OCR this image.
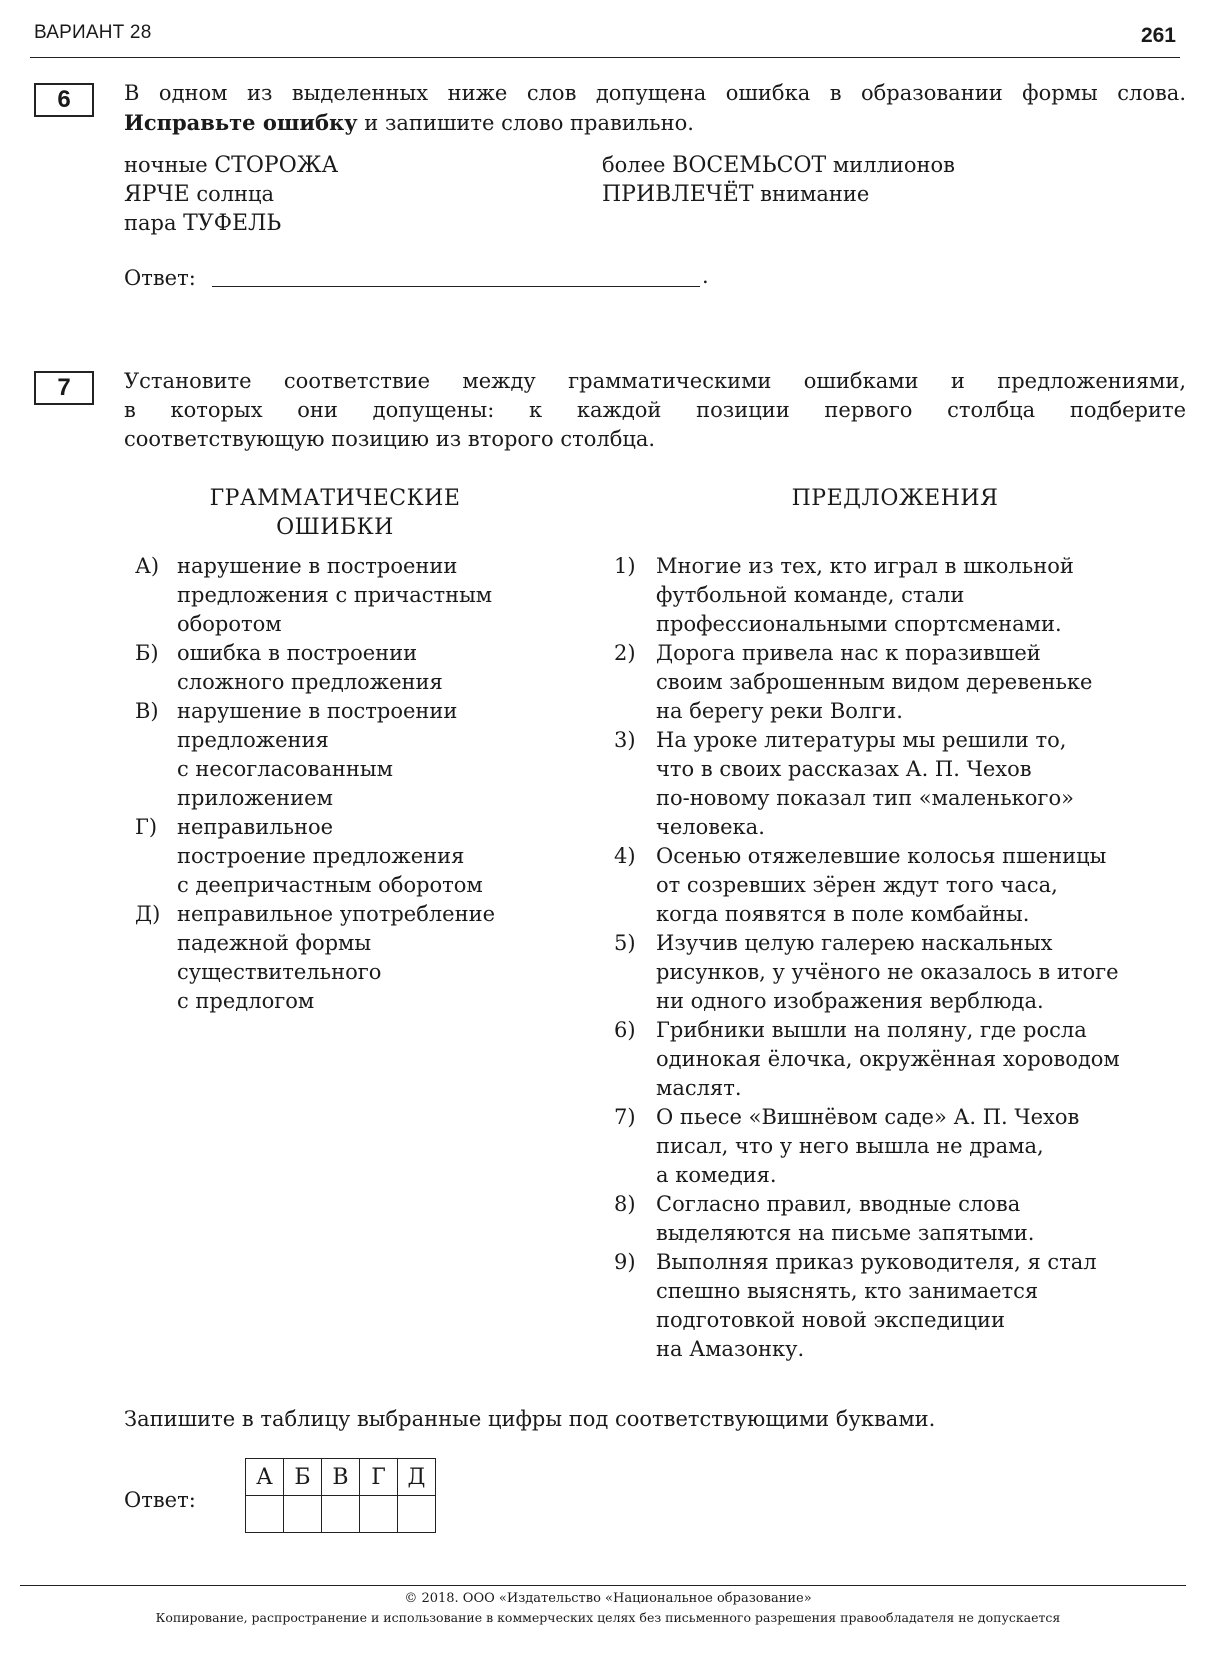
ВАРИАНТ 28	261
6	В одном из выделенных ниже слов допущена ошибка в образовании формы слова.
Исправьте ошибку и запишите слово правильно.
ночные СТОРОЖА
ЯРЧЕ солнца
пара ТУФЕЛЬ
более ВОСЕМЬСОТ миллионов
ПРИВЛЕЧЁТ внимание
Ответ:	.
7	Установите соответствие между грамматическими ошибками и предложениями,
в которых они допущены: к каждой позиции первого столбца подберите
соответствующую позицию из второго столбца.
ГРАММАТИЧЕСКИЕ
ОШИБКИ
ПРЕДЛОЖЕНИЯ
А) нарушение в построении
предложения с причастным
оборотом
Б) ошибка в построении
сложного предложения
В) нарушение в построении
предложения
с несогласованным
приложением
Г) неправильное
построение предложения
с деепричастным оборотом
Д) неправильное употребление
падежной формы
существительного
с предлогом
1) Многие из тех, кто играл в школьной
футбольной команде, стали
профессиональными спортсменами.
2) Дорога привела нас к поразившей
своим заброшенным видом деревеньке
на берегу реки Волги.
3) На уроке литературы мы решили то,
что в своих рассказах А. П. Чехов
по-новому показал тип «маленького»
человека.
4) Осенью отяжелевшие колосья пшеницы
от созревших зёрен ждут того часа,
когда появятся в поле комбайны.
5) Изучив целую галерею наскальных
рисунков, у учёного не оказалось в итоге
ни одного изображения верблюда.
6) Грибники вышли на поляну, где росла
одинокая ёлочка, окружённая хороводом
маслят.
7) О пьесе «Вишнёвом саде» А. П. Чехов
писал, что у него вышла не драма,
а комедия.
8) Согласно правил, вводные слова
выделяются на письме запятыми.
9) Выполняя приказ руководителя, я стал
спешно выяснять, кто занимается
подготовкой новой экспедиции
на Амазонку.
Запишите в таблицу выбранные цифры под соответствующими буквами.
Ответ:
А	Б	В	Г	Д

© 2018. ООО «Издательство «Национальное образование»
Копирование, распространение и использование в коммерческих целях без письменного разрешения правообладателя не допускается
